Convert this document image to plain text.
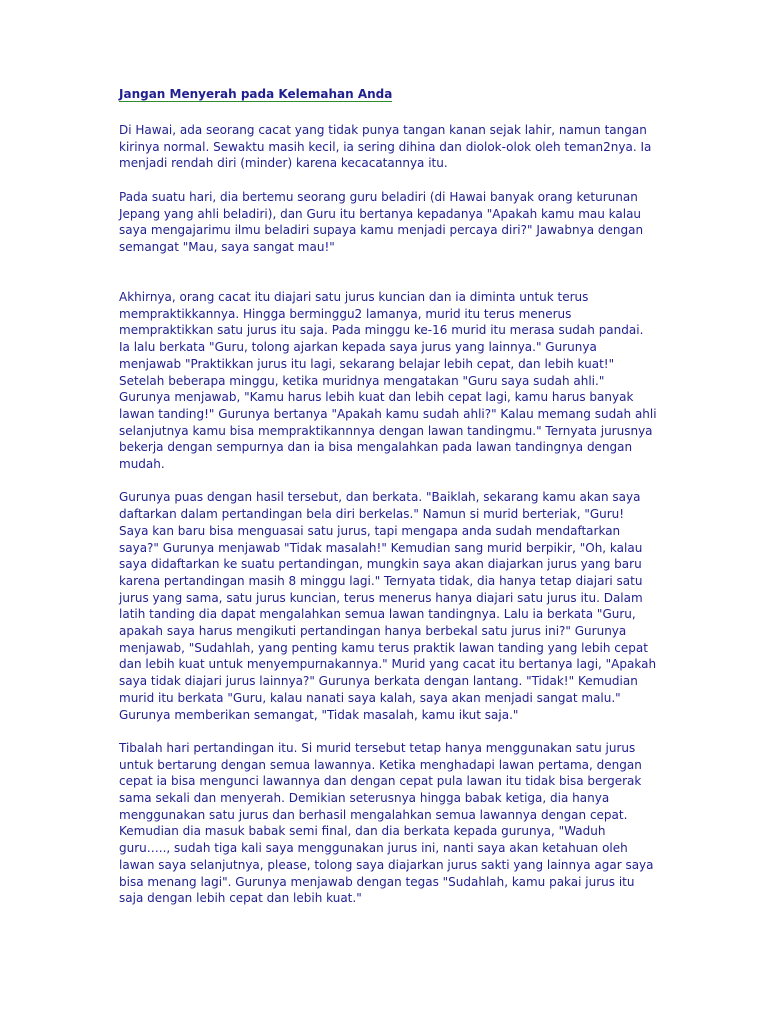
Jangan Menyerah pada Kelemahan Anda
Di Hawai, ada seorang cacat yang tidak punya tangan kanan sejak lahir, namun tangan
kirinya normal. Sewaktu masih kecil, ia sering dihina dan diolok-olok oleh teman2nya. Ia
menjadi rendah diri (minder) karena kecacatannya itu.
Pada suatu hari, dia bertemu seorang guru beladiri (di Hawai banyak orang keturunan
Jepang yang ahli beladiri), dan Guru itu bertanya kepadanya "Apakah kamu mau kalau
saya mengajarimu ilmu beladiri supaya kamu menjadi percaya diri?" Jawabnya dengan
semangat "Mau, saya sangat mau!"
Akhirnya, orang cacat itu diajari satu jurus kuncian dan ia diminta untuk terus
mempraktikkannya. Hingga berminggu2 lamanya, murid itu terus menerus
mempraktikkan satu jurus itu saja. Pada minggu ke-16 murid itu merasa sudah pandai.
Ia lalu berkata "Guru, tolong ajarkan kepada saya jurus yang lainnya." Gurunya
menjawab "Praktikkan jurus itu lagi, sekarang belajar lebih cepat, dan lebih kuat!"
Setelah beberapa minggu, ketika muridnya mengatakan "Guru saya sudah ahli."
Gurunya menjawab, "Kamu harus lebih kuat dan lebih cepat lagi, kamu harus banyak
lawan tanding!" Gurunya bertanya "Apakah kamu sudah ahli?" Kalau memang sudah ahli
selanjutnya kamu bisa mempraktikannnya dengan lawan tandingmu." Ternyata jurusnya
bekerja dengan sempurnya dan ia bisa mengalahkan pada lawan tandingnya dengan
mudah.
Gurunya puas dengan hasil tersebut, dan berkata. "Baiklah, sekarang kamu akan saya
daftarkan dalam pertandingan bela diri berkelas." Namun si murid berteriak, "Guru!
Saya kan baru bisa menguasai satu jurus, tapi mengapa anda sudah mendaftarkan
saya?" Gurunya menjawab "Tidak masalah!" Kemudian sang murid berpikir, "Oh, kalau
saya didaftarkan ke suatu pertandingan, mungkin saya akan diajarkan jurus yang baru
karena pertandingan masih 8 minggu lagi." Ternyata tidak, dia hanya tetap diajari satu
jurus yang sama, satu jurus kuncian, terus menerus hanya diajari satu jurus itu. Dalam
latih tanding dia dapat mengalahkan semua lawan tandingnya. Lalu ia berkata "Guru,
apakah saya harus mengikuti pertandingan hanya berbekal satu jurus ini?" Gurunya
menjawab, "Sudahlah, yang penting kamu terus praktik lawan tanding yang lebih cepat
dan lebih kuat untuk menyempurnakannya." Murid yang cacat itu bertanya lagi, "Apakah
saya tidak diajari jurus lainnya?" Gurunya berkata dengan lantang. "Tidak!" Kemudian
murid itu berkata "Guru, kalau nanati saya kalah, saya akan menjadi sangat malu."
Gurunya memberikan semangat, "Tidak masalah, kamu ikut saja."
Tibalah hari pertandingan itu. Si murid tersebut tetap hanya menggunakan satu jurus
untuk bertarung dengan semua lawannya. Ketika menghadapi lawan pertama, dengan
cepat ia bisa mengunci lawannya dan dengan cepat pula lawan itu tidak bisa bergerak
sama sekali dan menyerah. Demikian seterusnya hingga babak ketiga, dia hanya
menggunakan satu jurus dan berhasil mengalahkan semua lawannya dengan cepat.
Kemudian dia masuk babak semi final, dan dia berkata kepada gurunya, "Waduh
guru….., sudah tiga kali saya menggunakan jurus ini, nanti saya akan ketahuan oleh
lawan saya selanjutnya, please, tolong saya diajarkan jurus sakti yang lainnya agar saya
bisa menang lagi". Gurunya menjawab dengan tegas "Sudahlah, kamu pakai jurus itu
saja dengan lebih cepat dan lebih kuat."
